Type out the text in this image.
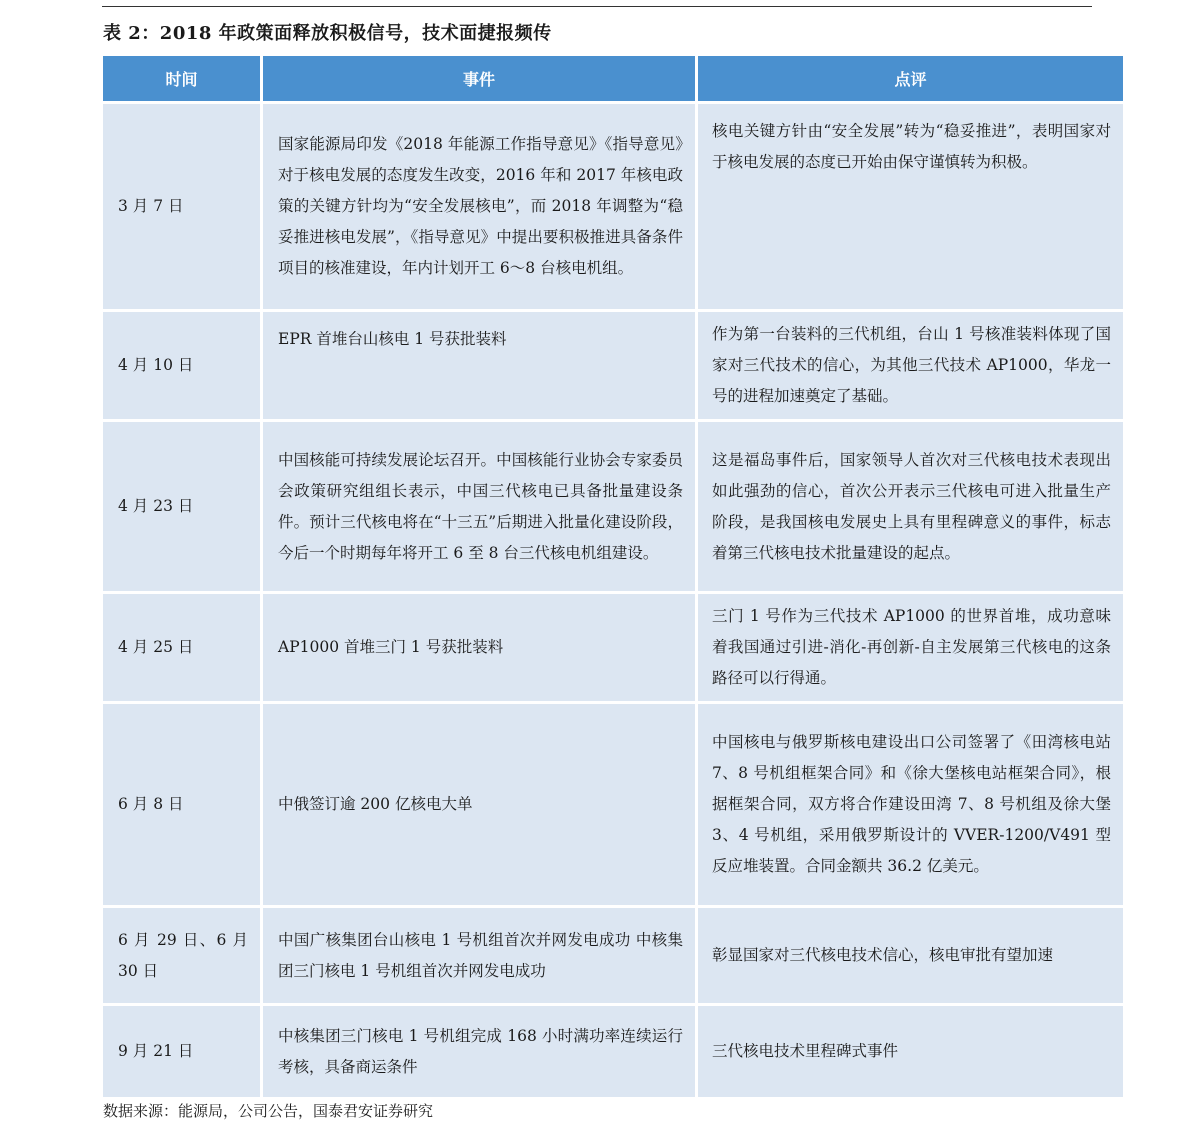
表 2：2018 年政策面释放积极信号，技术面捷报频传
时间	事件	点评
3 月 7 日	国家能源局印发《2018 年能源工作指导意见》《指导意见》对于核电发展的态度发生改变，2016 年和 2017 年核电政策的关键方针均为“安全发展核电”，而 2018 年调整为“稳妥推进核电发展”，《指导意见》中提出要积极推进具备条件项目的核准建设，年内计划开工 6～8 台核电机组。	核电关键方针由“安全发展”转为“稳妥推进”，表明国家对于核电发展的态度已开始由保守谨慎转为积极。
4 月 10 日	EPR 首堆台山核电 1 号获批装料	作为第一台装料的三代机组，台山 1 号核准装料体现了国家对三代技术的信心，为其他三代技术 AP1000，华龙一号的进程加速奠定了基础。
4 月 23 日	中国核能可持续发展论坛召开。中国核能行业协会专家委员会政策研究组组长表示，中国三代核电已具备批量建设条件。预计三代核电将在“十三五”后期进入批量化建设阶段，今后一个时期每年将开工 6 至 8 台三代核电机组建设。	这是福岛事件后，国家领导人首次对三代核电技术表现出如此强劲的信心，首次公开表示三代核电可进入批量生产阶段，是我国核电发展史上具有里程碑意义的事件，标志着第三代核电技术批量建设的起点。
4 月 25 日	AP1000 首堆三门 1 号获批装料	三门 1 号作为三代技术 AP1000 的世界首堆，成功意味着我国通过引进-消化-再创新-自主发展第三代核电的这条路径可以行得通。
6 月 8 日	中俄签订逾 200 亿核电大单	中国核电与俄罗斯核电建设出口公司签署了《田湾核电站 7、8 号机组框架合同》和《徐大堡核电站框架合同》，根据框架合同，双方将合作建设田湾 7、8 号机组及徐大堡 3、4 号机组，采用俄罗斯设计的 VVER-1200/V491 型反应堆装置。合同金额共 36.2 亿美元。
6 月 29 日、6 月 30 日	中国广核集团台山核电 1 号机组首次并网发电成功 中核集团三门核电 1 号机组首次并网发电成功	彰显国家对三代核电技术信心，核电审批有望加速
9 月 21 日	中核集团三门核电 1 号机组完成 168 小时满功率连续运行考核，具备商运条件	三代核电技术里程碑式事件
数据来源：能源局，公司公告，国泰君安证券研究
